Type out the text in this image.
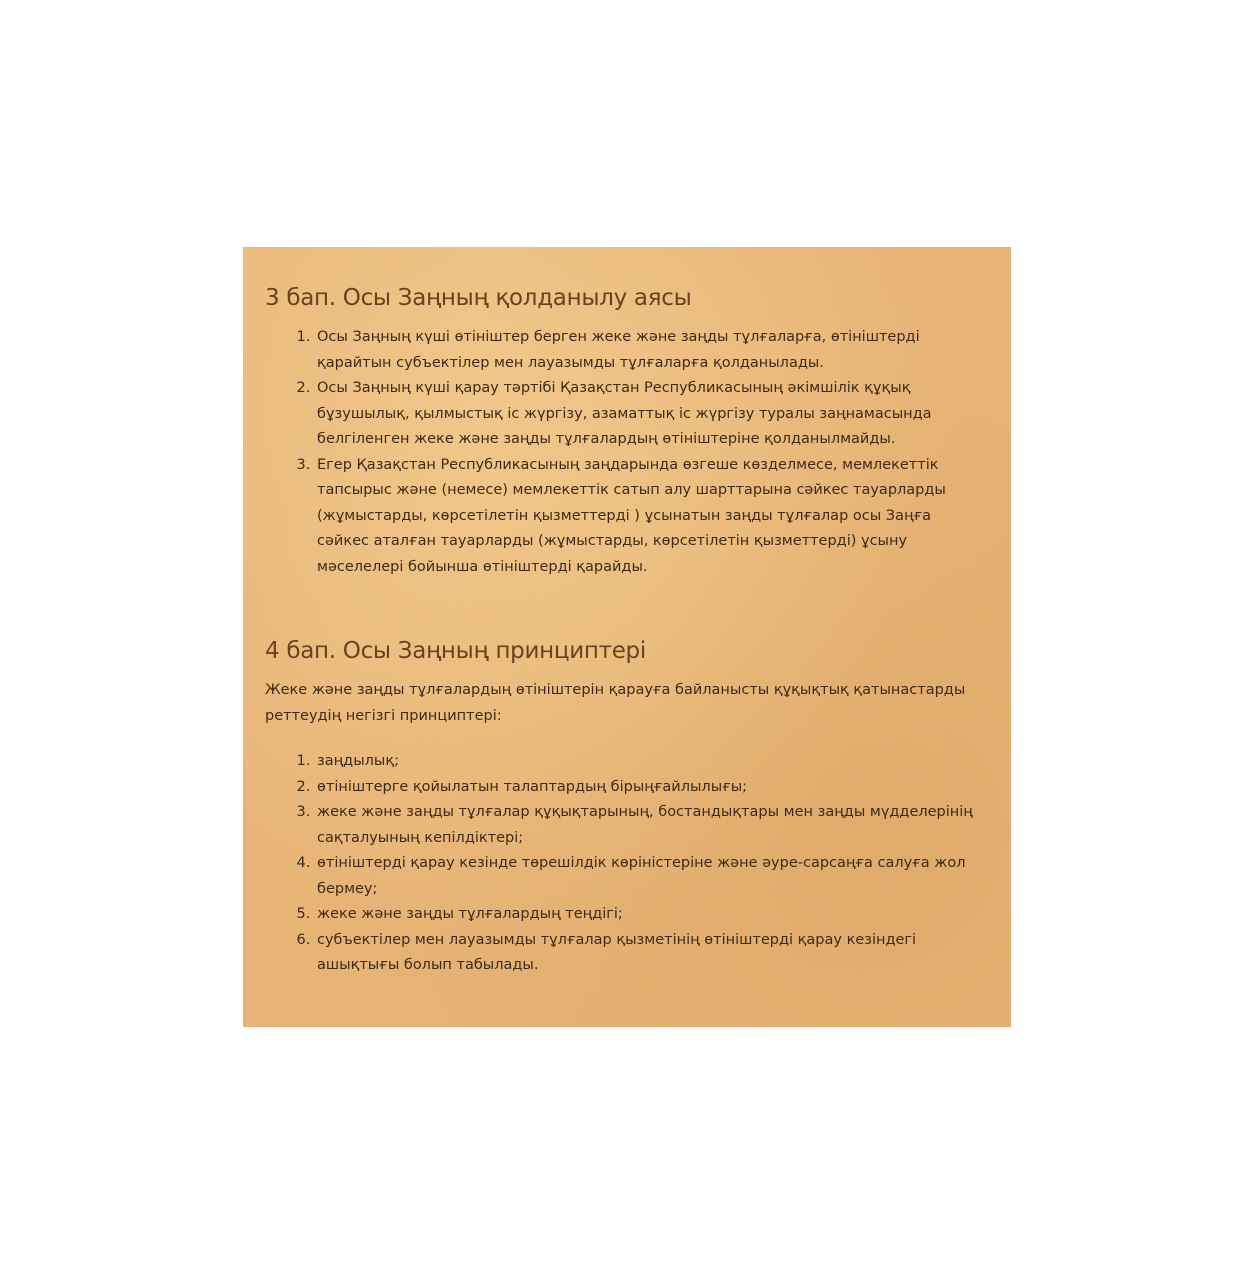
3 бап. Осы Заңның қолданылу аясы
1. Осы Заңның күші өтініштер берген жеке және заңды тұлғаларға, өтініштерді қарайтын субъектілер мен лауазымды тұлғаларға қолданылады.
2. Осы Заңның күші қарау тәртібі Қазақстан Республикасының әкімшілік құқық бұзушылық, қылмыстық іс жүргізу, азаматтық іс жүргізу туралы заңнамасында белгіленген жеке және заңды тұлғалардың өтініштеріне қолданылмайды.
3. Егер Қазақстан Республикасының заңдарында өзгеше көзделмесе, мемлекеттік тапсырыс және (немесе) мемлекеттік сатып алу шарттарына сәйкес тауарларды (жұмыстарды, көрсетілетін қызметтерді ) ұсынатын заңды тұлғалар осы Заңға сәйкес аталған тауарларды (жұмыстарды, көрсетілетін қызметтерді) ұсыну мәселелері бойынша өтініштерді қарайды.
4 бап. Осы Заңның принциптері

Жеке және заңды тұлғалардың өтініштерін қарауға байланысты құқықтық қатынастарды реттеудің негізгі принциптері:

1. заңдылық;
2. өтініштерге қойылатын талаптардың бірыңғайлылығы;
3. жеке және заңды тұлғалар құқықтарының, бостандықтары мен заңды мүдделерінің сақталуының кепілдіктері;
4. өтініштерді қарау кезінде төрешілдік көріністеріне және әуре-сарсаңға салуға жол бермеу;
5. жеке және заңды тұлғалардың теңдігі;
6. субъектілер мен лауазымды тұлғалар қызметінің өтініштерді қарау кезіндегі ашықтығы болып табылады.
